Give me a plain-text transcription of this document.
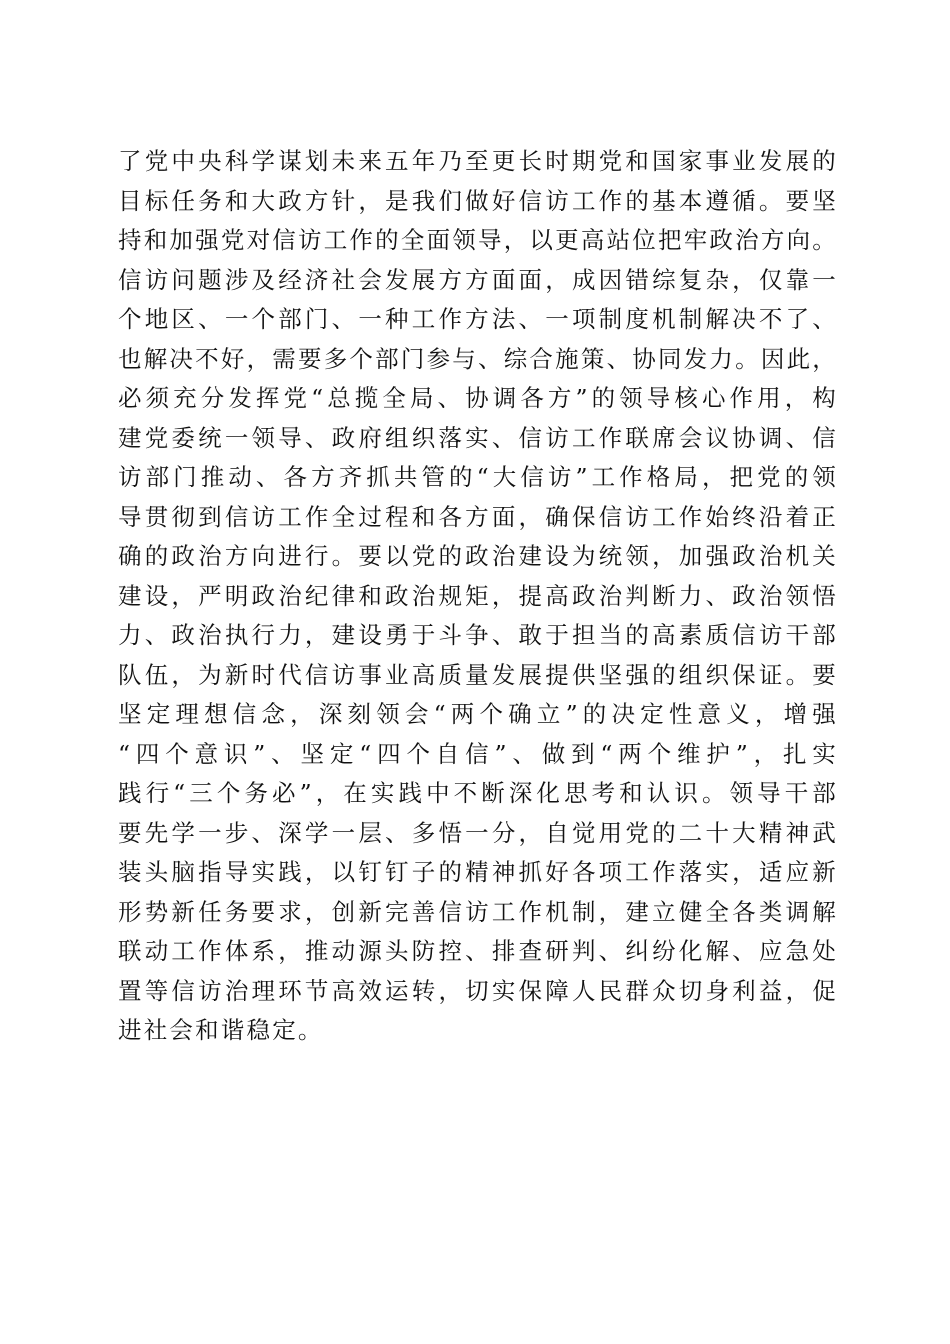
了党中央科学谋划未来五年乃至更长时期党和国家事业发展的
目标任务和大政方针，是我们做好信访工作的基本遵循。要坚
持和加强党对信访工作的全面领导，以更高站位把牢政治方向。
信访问题涉及经济社会发展方方面面，成因错综复杂，仅靠一
个地区、一个部门、一种工作方法、一项制度机制解决不了、
也解决不好，需要多个部门参与、综合施策、协同发力。因此，
必须充分发挥党“总揽全局、协调各方”的领导核心作用，构
建党委统一领导、政府组织落实、信访工作联席会议协调、信
访部门推动、各方齐抓共管的“大信访”工作格局，把党的领
导贯彻到信访工作全过程和各方面，确保信访工作始终沿着正
确的政治方向进行。要以党的政治建设为统领，加强政治机关
建设，严明政治纪律和政治规矩，提高政治判断力、政治领悟
力、政治执行力，建设勇于斗争、敢于担当的高素质信访干部
队伍，为新时代信访事业高质量发展提供坚强的组织保证。要
坚定理想信念，深刻领会“两个确立”的决定性意义，增强
“四个意识”、坚定“四个自信”、做到“两个维护”，扎实
践行“三个务必”，在实践中不断深化思考和认识。领导干部
要先学一步、深学一层、多悟一分，自觉用党的二十大精神武
装头脑指导实践，以钉钉子的精神抓好各项工作落实，适应新
形势新任务要求，创新完善信访工作机制，建立健全各类调解
联动工作体系，推动源头防控、排查研判、纠纷化解、应急处
置等信访治理环节高效运转，切实保障人民群众切身利益，促
进社会和谐稳定。
